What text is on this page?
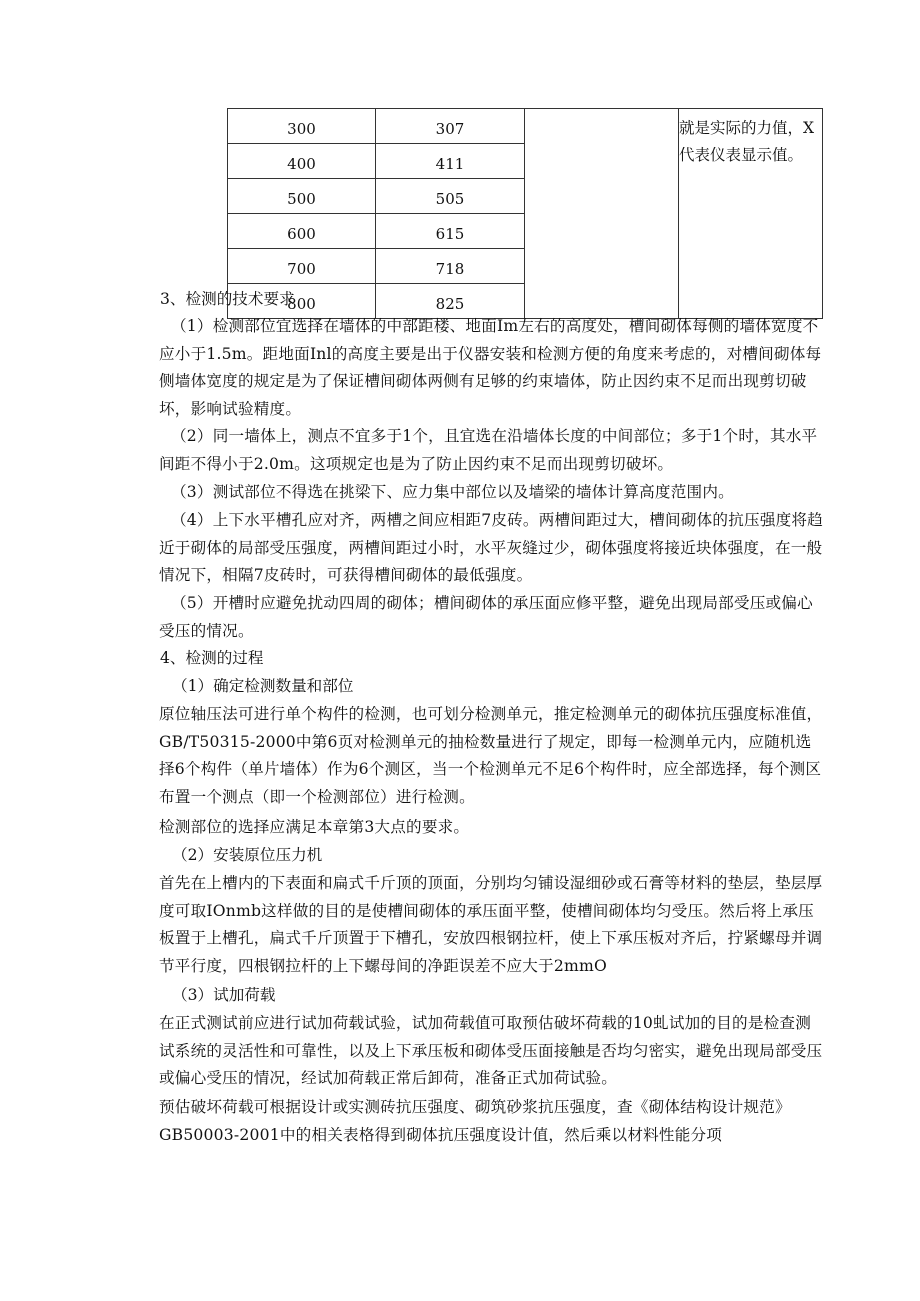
300	307		就是实际的力值，X代表仪表显示值。
400	411		
500	505		
600	615		
700	718		
800	825		
3、检测的技术要求

（1）检测部位宜选择在墙体的中部距楼、地面Im左右的高度处，槽间砌体每侧的墙体宽度不应小于1.5m。距地面Inl的高度主要是出于仪器安装和检测方便的角度来考虑的，对槽间砌体每侧墙体宽度的规定是为了保证槽间砌体两侧有足够的约束墙体，防止因约束不足而出现剪切破坏，影响试验精度。

（2）同一墙体上，测点不宜多于1个，且宜选在沿墙体长度的中间部位；多于1个时，其水平间距不得小于2.0m。这项规定也是为了防止因约束不足而出现剪切破坏。

（3）测试部位不得选在挑梁下、应力集中部位以及墙梁的墙体计算高度范围内。

（4）上下水平槽孔应对齐，两槽之间应相距7皮砖。两槽间距过大，槽间砌体的抗压强度将趋近于砌体的局部受压强度，两槽间距过小时，水平灰缝过少，砌体强度将接近块体强度，在一般情况下，相隔7皮砖时，可获得槽间砌体的最低强度。

（5）开槽时应避免扰动四周的砌体；槽间砌体的承压面应修平整，避免出现局部受压或偏心受压的情况。

4、检测的过程

（1）确定检测数量和部位

原位轴压法可进行单个构件的检测，也可划分检测单元，推定检测单元的砌体抗压强度标准值，GB/T50315-2000中第6页对检测单元的抽检数量进行了规定，即每一检测单元内，应随机选择6个构件（单片墙体）作为6个测区，当一个检测单元不足6个构件时，应全部选择，每个测区布置一个测点（即一个检测部位）进行检测。

检测部位的选择应满足本章第3大点的要求。

（2）安装原位压力机

首先在上槽内的下表面和扁式千斤顶的顶面，分别均匀铺设湿细砂或石膏等材料的垫层，垫层厚度可取IOnmb这样做的目的是使槽间砌体的承压面平整，使槽间砌体均匀受压。然后将上承压板置于上槽孔，扁式千斤顶置于下槽孔，安放四根钢拉杆，使上下承压板对齐后，拧紧螺母并调节平行度，四根钢拉杆的上下螺母间的净距误差不应大于2mmO

（3）试加荷载

在正式测试前应进行试加荷载试验，试加荷载值可取预估破坏荷载的10虬试加的目的是检查测试系统的灵活性和可靠性，以及上下承压板和砌体受压面接触是否均匀密实，避免出现局部受压或偏心受压的情况，经试加荷载正常后卸荷，准备正式加荷试验。

预估破坏荷载可根据设计或实测砖抗压强度、砌筑砂浆抗压强度，查《砌体结构设计规范》GB50003-2001中的相关表格得到砌体抗压强度设计值，然后乘以材料性能分项
